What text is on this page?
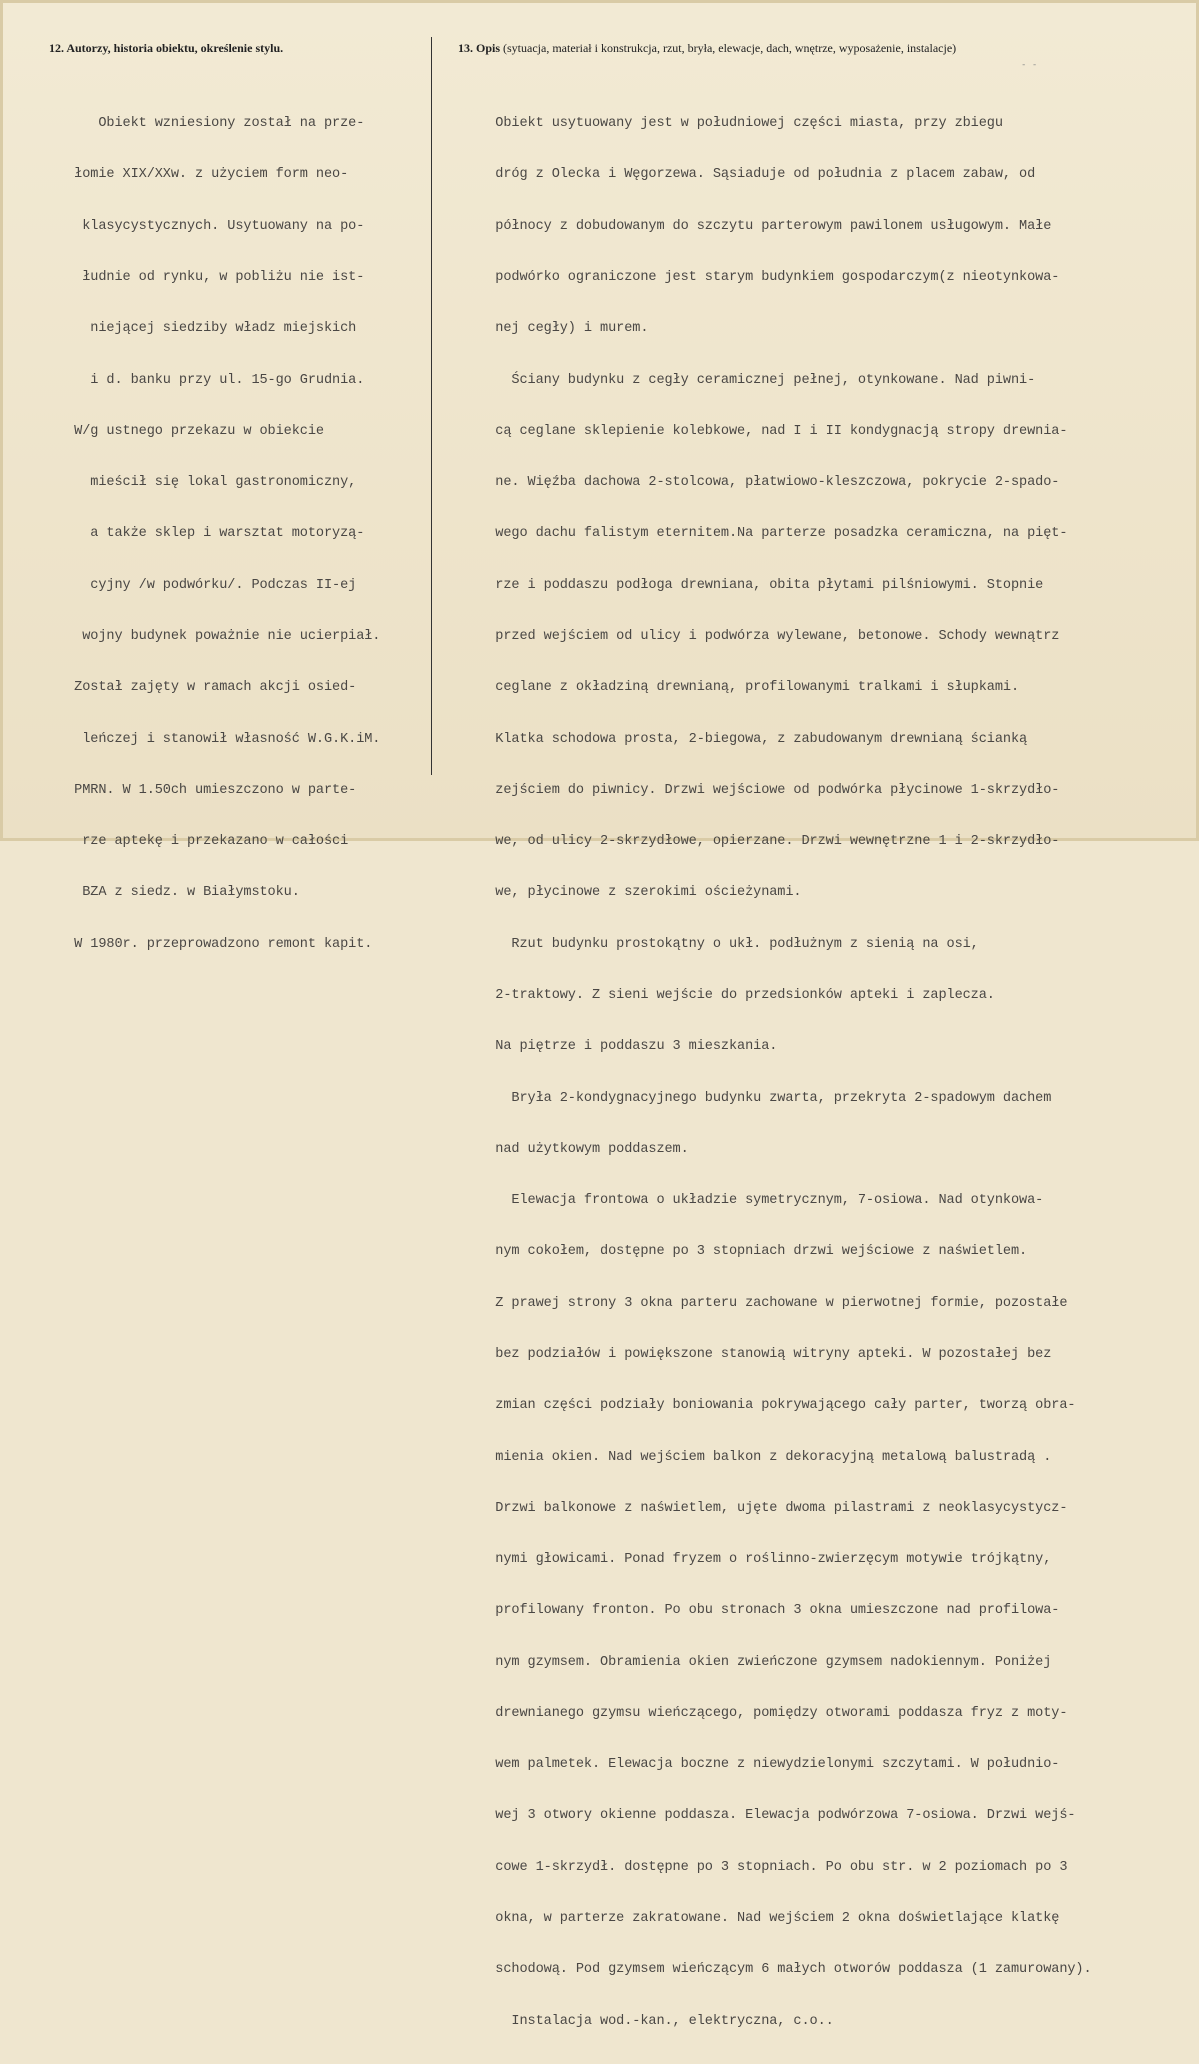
12. Autorzy, historia obiektu, określenie stylu.	13. Opis (sytuacja, materiał i konstrukcja, rzut, bryła, elewacje, dach, wnętrze, wyposażenie, instalacje)
- -

Obiekt wzniesiony został na prze-

łomie XIX/XXw. z użyciem form neo-

klasycystycznych. Usytuowany na po-

łudnie od rynku, w pobliżu nie ist-

niejącej siedziby władz miejskich

i d. banku przy ul. 15-go Grudnia.

W/g ustnego przekazu w obiekcie

mieścił się lokal gastronomiczny,

a także sklep i warsztat motoryzą-

cyjny /w podwórku/. Podczas II-ej

wojny budynek poważnie nie ucierpiał.

Został zajęty w ramach akcji osied-

leńczej i stanowił własność W.G.K.iM.

PMRN. W 1.50ch umieszczono w parte-

rze aptekę i przekazano w całości

BZA z siedz. w Białymstoku.

W 1980r. przeprowadzono remont kapit.

Obiekt usytuowany jest w południowej części miasta, przy zbiegu

dróg z Olecka i Węgorzewa. Sąsiaduje od południa z placem zabaw, od

północy z dobudowanym do szczytu parterowym pawilonem usługowym. Małe

podwórko ograniczone jest starym budynkiem gospodarczym(z nieotynkowa-

nej cegły) i murem.

Ściany budynku z cegły ceramicznej pełnej, otynkowane. Nad piwni-

cą ceglane sklepienie kolebkowe, nad I i II kondygnacją stropy drewnia-

ne. Więźba dachowa 2-stolcowa, płatwiowo-kleszczowa, pokrycie 2-spado-

wego dachu falistym eternitem.Na parterze posadzka ceramiczna, na pięt-

rze i poddaszu podłoga drewniana, obita płytami pilśniowymi. Stopnie

przed wejściem od ulicy i podwórza wylewane, betonowe. Schody wewnątrz

ceglane z okładziną drewnianą, profilowanymi tralkami i słupkami.

Klatka schodowa prosta, 2-biegowa, z zabudowanym drewnianą ścianką

zejściem do piwnicy. Drzwi wejściowe od podwórka płycinowe 1-skrzydło-

we, od ulicy 2-skrzydłowe, opierzane. Drzwi wewnętrzne 1 i 2-skrzydło-

we, płycinowe z szerokimi ościeżynami.

Rzut budynku prostokątny o ukł. podłużnym z sienią na osi,

2-traktowy. Z sieni wejście do przedsionków apteki i zaplecza.

Na piętrze i poddaszu 3 mieszkania.

Bryła 2-kondygnacyjnego budynku zwarta, przekryta 2-spadowym dachem

nad użytkowym poddaszem.

Elewacja frontowa o układzie symetrycznym, 7-osiowa. Nad otynkowa-

nym cokołem, dostępne po 3 stopniach drzwi wejściowe z naświetlem.

Z prawej strony 3 okna parteru zachowane w pierwotnej formie, pozostałe

bez podziałów i powiększone stanowią witryny apteki. W pozostałej bez

zmian części podziały boniowania pokrywającego cały parter, tworzą obra-

mienia okien. Nad wejściem balkon z dekoracyjną metalową balustradą .

Drzwi balkonowe z naświetlem, ujęte dwoma pilastrami z neoklasycystycz-

nymi głowicami. Ponad fryzem o roślinno-zwierzęcym motywie trójkątny,

profilowany fronton. Po obu stronach 3 okna umieszczone nad profilowa-

nym gzymsem. Obramienia okien zwieńczone gzymsem nadokiennym. Poniżej

drewnianego gzymsu wieńczącego, pomiędzy otworami poddasza fryz z moty-

wem palmetek. Elewacja boczne z niewydzielonymi szczytami. W południo-

wej 3 otwory okienne poddasza. Elewacja podwórzowa 7-osiowa. Drzwi wejś-

cowe 1-skrzydł. dostępne po 3 stopniach. Po obu str. w 2 poziomach po 3

okna, w parterze zakratowane. Nad wejściem 2 okna doświetlające klatkę

schodową. Pod gzymsem wieńczącym 6 małych otworów poddasza (1 zamurowany).

Instalacja wod.-kan., elektryczna, c.o..
